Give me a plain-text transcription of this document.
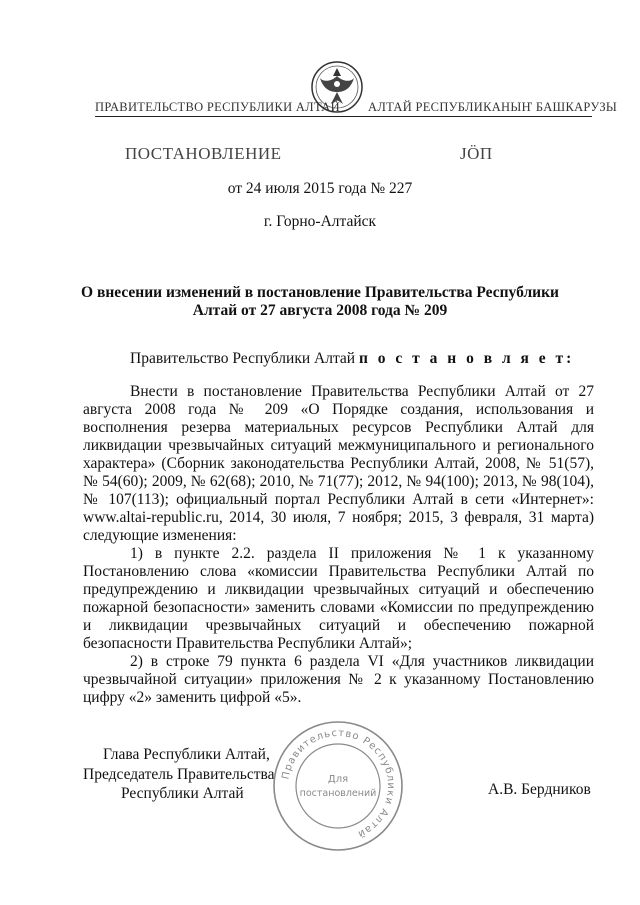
ПРАВИТЕЛЬСТВО РЕСПУБЛИКИ АЛТАЙ АЛТАЙ РЕСПУБЛИКАНЫҤ БАШКАРУЗЫ
ПОСТАНОВЛЕНИЕ	JÖП
от 24 июля 2015 года № 227
г. Горно-Алтайск
О внесении изменений в постановление Правительства Республики
Алтай от 27 августа 2008 года № 209
Правительство Республики Алтай п о с т а н о в л я е т:

Внести в постановление Правительства Республики Алтай от 27 августа 2008 года № 209 «О Порядке создания, использования и восполнения резерва материальных ресурсов Республики Алтай для ликвидации чрезвычайных ситуаций межмуниципального и регионального характера» (Сборник законодательства Республики Алтай, 2008, № 51(57), № 54(60); 2009, № 62(68); 2010, № 71(77); 2012, № 94(100); 2013, № 98(104), № 107(113); официальный портал Республики Алтай в сети «Интернет»: www.altai-republic.ru, 2014, 30 июля, 7 ноября; 2015, 3 февраля, 31 марта) следующие изменения:

1) в пункте 2.2. раздела II приложения № 1 к указанному Постановлению слова «комиссии Правительства Республики Алтай по предупреждению и ликвидации чрезвычайных ситуаций и обеспечению пожарной безопасности» заменить словами «Комиссии по предупреждению и ликвидации чрезвычайных ситуаций и обеспечению пожарной безопасности Правительства Республики Алтай»;

2) в строке 79 пункта 6 раздела VI «Для участников ликвидации чрезвычайной ситуации» приложения № 2 к указанному Постановлению цифру «2» заменить цифрой «5».

Глава Республики Алтай,
Председатель Правительства
Республики Алтай	А.В. Бердников
Правительство Республики Алтай
Для
постановлений
